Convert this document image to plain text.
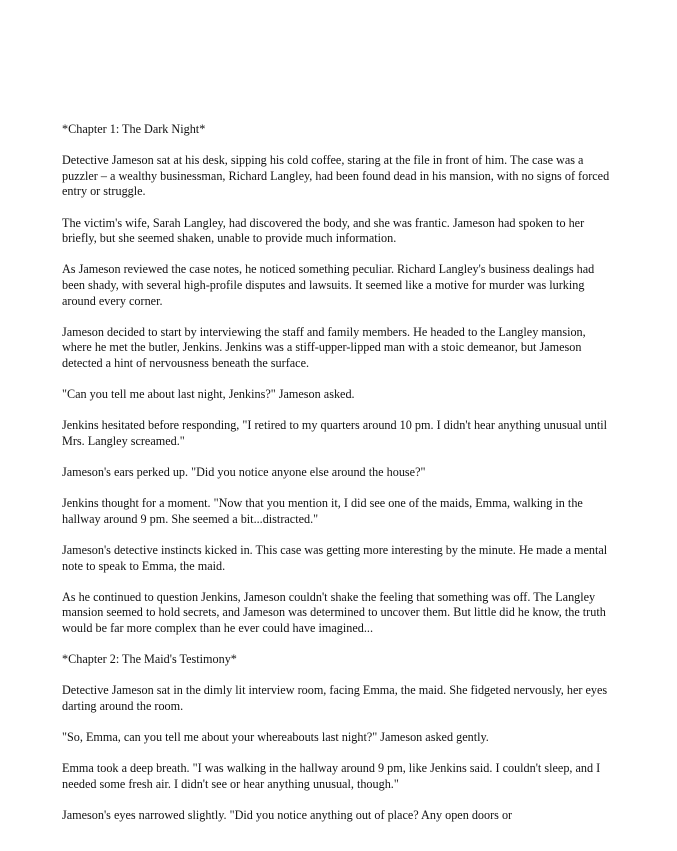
*Chapter 1: The Dark Night*

Detective Jameson sat at his desk, sipping his cold coffee, staring at the file in front of him. The case was a puzzler – a wealthy businessman, Richard Langley, had been found dead in his mansion, with no signs of forced entry or struggle.

The victim's wife, Sarah Langley, had discovered the body, and she was frantic. Jameson had spoken to her briefly, but she seemed shaken, unable to provide much information.

As Jameson reviewed the case notes, he noticed something peculiar. Richard Langley's business dealings had been shady, with several high-profile disputes and lawsuits. It seemed like a motive for murder was lurking around every corner.

Jameson decided to start by interviewing the staff and family members. He headed to the Langley mansion, where he met the butler, Jenkins. Jenkins was a stiff-upper-lipped man with a stoic demeanor, but Jameson detected a hint of nervousness beneath the surface.

"Can you tell me about last night, Jenkins?" Jameson asked.

Jenkins hesitated before responding, "I retired to my quarters around 10 pm. I didn't hear anything unusual until Mrs. Langley screamed."

Jameson's ears perked up. "Did you notice anyone else around the house?"

Jenkins thought for a moment. "Now that you mention it, I did see one of the maids, Emma, walking in the hallway around 9 pm. She seemed a bit...distracted."

Jameson's detective instincts kicked in. This case was getting more interesting by the minute. He made a mental note to speak to Emma, the maid.

As he continued to question Jenkins, Jameson couldn't shake the feeling that something was off. The Langley mansion seemed to hold secrets, and Jameson was determined to uncover them. But little did he know, the truth would be far more complex than he ever could have imagined...

*Chapter 2: The Maid's Testimony*

Detective Jameson sat in the dimly lit interview room, facing Emma, the maid. She fidgeted nervously, her eyes darting around the room.

"So, Emma, can you tell me about your whereabouts last night?" Jameson asked gently.

Emma took a deep breath. "I was walking in the hallway around 9 pm, like Jenkins said. I couldn't sleep, and I needed some fresh air. I didn't see or hear anything unusual, though."

Jameson's eyes narrowed slightly. "Did you notice anything out of place? Any open doors or
